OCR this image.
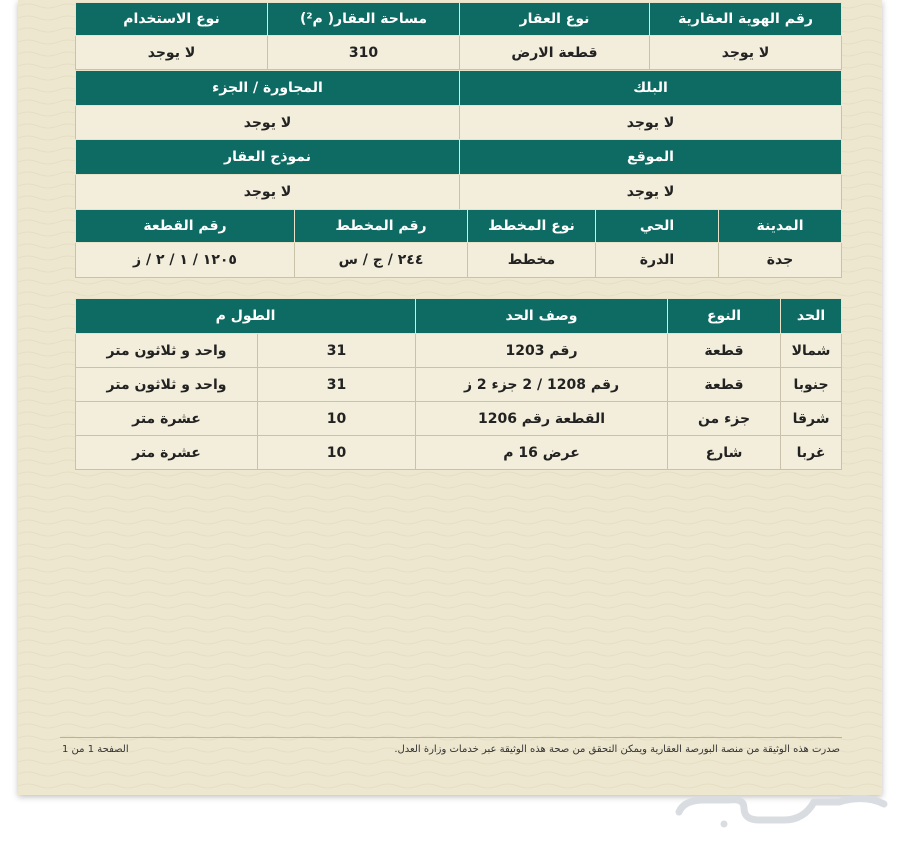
رقم الهوية العقارية	نوع العقار	مساحة العقار( م²)	نوع الاستخدام
لا يوجد	قطعة الارض	310	لا يوجد
البلك	المجاورة / الجزء
لا يوجد	لا يوجد
الموقع	نموذج العقار
لا يوجد	لا يوجد
المدينة	الحي	نوع المخطط	رقم المخطط	رقم القطعة
جدة	الدرة	مخطط	٢٤٤ / ج / س	١٢٠٥ / ١ / ٢ / ز
الحد	النوع	وصف الحد	الطول م	
شمالا	قطعة	رقم 1203	31	واحد و ثلاثون متر
جنوبا	قطعة	رقم 1208 / 2 جزء 2 ز	31	واحد و ثلاثون متر
شرقا	جزء من	القطعة رقم 1206	10	عشرة متر
غربا	شارع	عرض 16 م	10	عشرة متر
صدرت هذه الوثيقة من منصة البورصة العقارية ويمكن التحقق من صحة هذه الوثيقة عبر خدمات وزارة العدل.
الصفحة 1 من 1
